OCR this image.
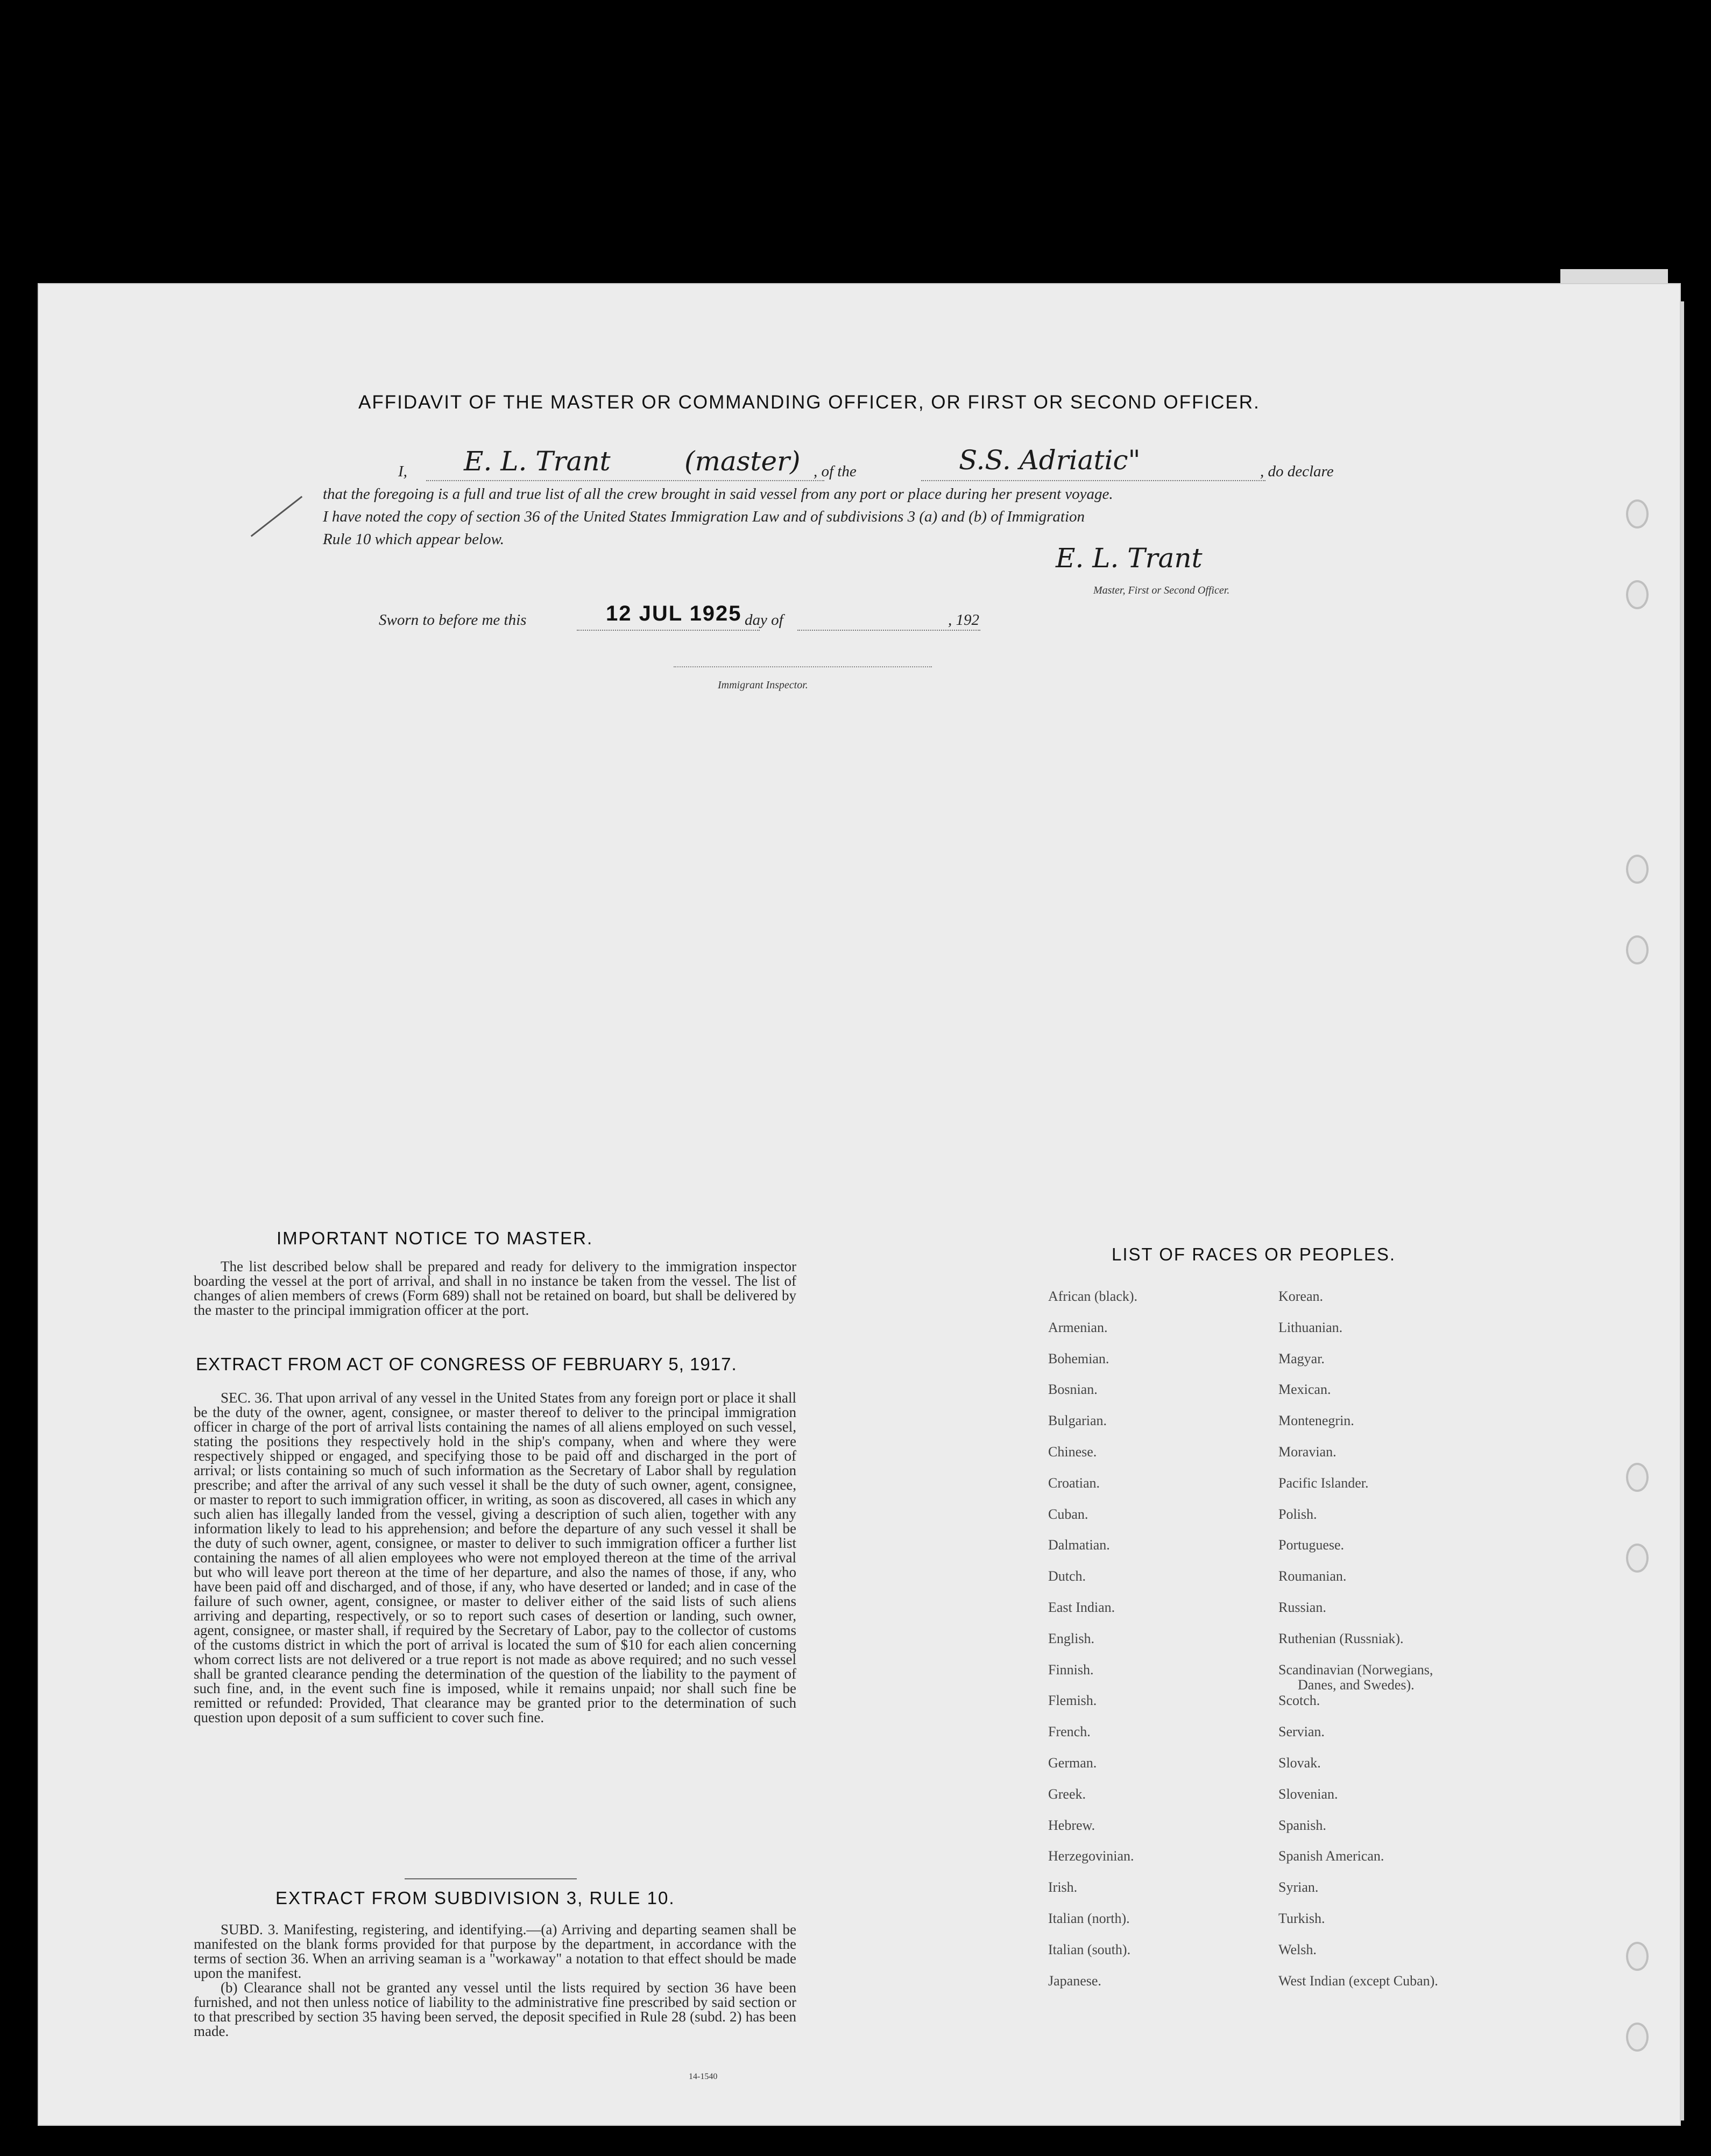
AFFIDAVIT OF THE MASTER OR COMMANDING OFFICER, OR FIRST OR SECOND OFFICER.
I, E. L. Trant	(master) , of the	S.S. Adriatic"	, do declare
that the foregoing is a full and true list of all the crew brought in said vessel from any port or place during her present voyage.
I have noted the copy of section 36 of the United States Immigration Law and of subdivisions 3 (a) and (b) of Immigration
Rule 10 which appear below.
E. L. Trant
Master, First or Second Officer.
Sworn to before me this	12 JUL 1925 day of	, 192
Immigrant Inspector.
IMPORTANT NOTICE TO MASTER.

The list described below shall be prepared and ready for delivery to the immigration inspector boarding the vessel at the port of arrival, and shall in no instance be taken from the vessel. The list of changes of alien members of crews (Form 689) shall not be retained on board, but shall be delivered by the master to the principal immigration officer at the port.

EXTRACT FROM ACT OF CONGRESS OF FEBRUARY 5, 1917.

SEC. 36. That upon arrival of any vessel in the United States from any foreign port or place it shall be the duty of the owner, agent, consignee, or master thereof to deliver to the principal immigration officer in charge of the port of arrival lists containing the names of all aliens employed on such vessel, stating the positions they respectively hold in the ship's company, when and where they were respectively shipped or engaged, and specifying those to be paid off and discharged in the port of arrival; or lists containing so much of such information as the Secretary of Labor shall by regulation prescribe; and after the arrival of any such vessel it shall be the duty of such owner, agent, consignee, or master to report to such immigration officer, in writing, as soon as discovered, all cases in which any such alien has illegally landed from the vessel, giving a description of such alien, together with any information likely to lead to his apprehension; and before the departure of any such vessel it shall be the duty of such owner, agent, consignee, or master to deliver to such immigration officer a further list containing the names of all alien employees who were not employed thereon at the time of the arrival but who will leave port thereon at the time of her departure, and also the names of those, if any, who have been paid off and discharged, and of those, if any, who have deserted or landed; and in case of the failure of such owner, agent, consignee, or master to deliver either of the said lists of such aliens arriving and departing, respectively, or so to report such cases of desertion or landing, such owner, agent, consignee, or master shall, if required by the Secretary of Labor, pay to the collector of customs of the customs district in which the port of arrival is located the sum of $10 for each alien concerning whom correct lists are not delivered or a true report is not made as above required; and no such vessel shall be granted clearance pending the determination of the question of the liability to the payment of such fine, and, in the event such fine is imposed, while it remains unpaid; nor shall such fine be remitted or refunded: Provided, That clearance may be granted prior to the determination of such question upon deposit of a sum sufficient to cover such fine.

EXTRACT FROM SUBDIVISION 3, RULE 10.

SUBD. 3. Manifesting, registering, and identifying.—(a) Arriving and departing seamen shall be manifested on the blank forms provided for that purpose by the department, in accordance with the terms of section 36. When an arriving seaman is a "workaway" a notation to that effect should be made upon the manifest.

(b) Clearance shall not be granted any vessel until the lists required by section 36 have been furnished, and not then unless notice of liability to the administrative fine prescribed by said section or to that prescribed by section 35 having been served, the deposit specified in Rule 28 (subd. 2) has been made.

14-1540
LIST OF RACES OR PEOPLES.
African (black).
Armenian.
Bohemian.
Bosnian.
Bulgarian.
Chinese.
Croatian.
Cuban.
Dalmatian.
Dutch.
East Indian.
English.
Finnish.
Flemish.
French.
German.
Greek.
Hebrew.
Herzegovinian.
Irish.
Italian (north).
Italian (south).
Japanese.
Korean.
Lithuanian.
Magyar.
Mexican.
Montenegrin.
Moravian.
Pacific Islander.
Polish.
Portuguese.
Roumanian.
Russian.
Ruthenian (Russniak).
Scandinavian (Norwegians,
Danes, and Swedes).
Scotch.
Servian.
Slovak.
Slovenian.
Spanish.
Spanish American.
Syrian.
Turkish.
Welsh.
West Indian (except Cuban).
